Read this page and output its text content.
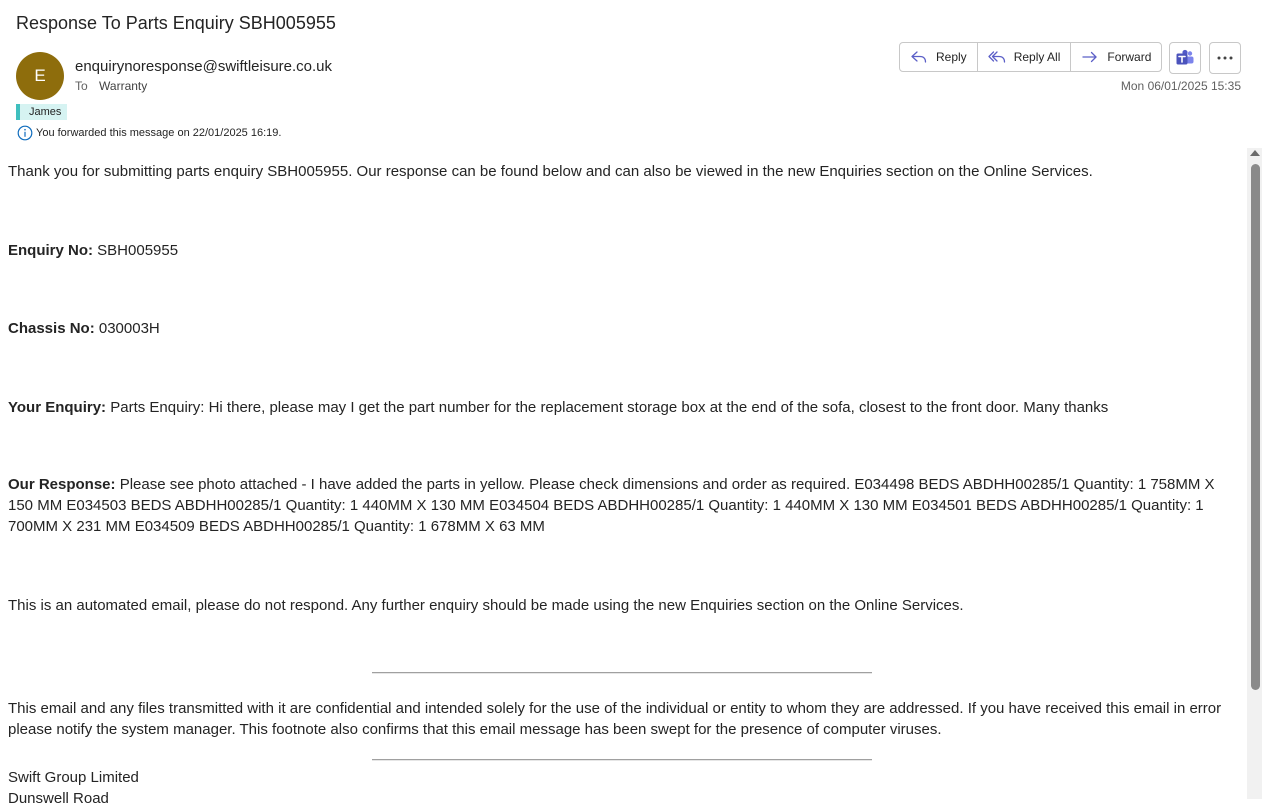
Response To Parts Enquiry SBH005955
E	enquirynoresponse@swiftleisure.co.uk
To Warranty
James
You forwarded this message on 22/01/2025 16:19.
Reply	Reply All	Forward
Mon 06/01/2025 15:35

Thank you for submitting parts enquiry SBH005955. Our response can be found below and can also be viewed in the new Enquiries section on the Online Services.

Enquiry No: SBH005955

Chassis No: 030003H

Your Enquiry: Parts Enquiry: Hi there, please may I get the part number for the replacement storage box at the end of the sofa, closest to the front door. Many thanks

Our Response: Please see photo attached - I have added the parts in yellow. Please check dimensions and order as required. E034498 BEDS ABDHH00285/1 Quantity: 1 758MM X 150 MM E034503 BEDS ABDHH00285/1 Quantity: 1 440MM X 130 MM E034504 BEDS ABDHH00285/1 Quantity: 1 440MM X 130 MM E034501 BEDS ABDHH00285/1 Quantity: 1 700MM X 231 MM E034509 BEDS ABDHH00285/1 Quantity: 1 678MM X 63 MM

This is an automated email, please do not respond. Any further enquiry should be made using the new Enquiries section on the Online Services.

This email and any files transmitted with it are confidential and intended solely for the use of the individual or entity to whom they are addressed. If you have received this email in error please notify the system manager. This footnote also confirms that this email message has been swept for the presence of computer viruses.

Swift Group Limited

Dunswell Road
